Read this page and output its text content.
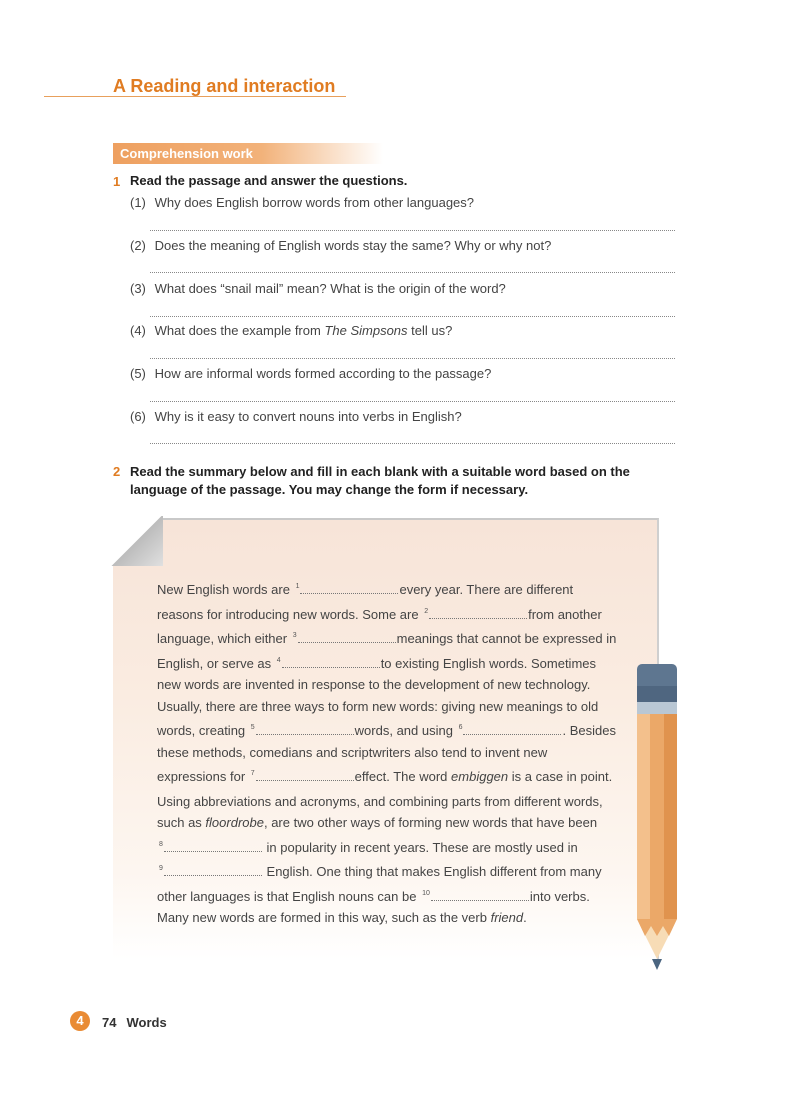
A Reading and interaction
Comprehension work
1 Read the passage and answer the questions.
(1) Why does English borrow words from other languages?
(2) Does the meaning of English words stay the same? Why or why not?
(3) What does “snail mail” mean? What is the origin of the word?
(4) What does the example from The Simpsons tell us?
(5) How are informal words formed according to the passage?
(6) Why is it easy to convert nouns into verbs in English?
2 Read the summary below and fill in each blank with a suitable word based on the
language of the passage. You may change the form if necessary.

New English words are $^1$	every year. There are different reasons for introducing new words. Some are $^2$	from another language, which either $^3$	meanings that cannot be expressed in English, or serve as $^4$	to existing English words. Sometimes new words are invented in response to the development of new technology. Usually, there are three ways to form new words: giving new meanings to old words, creating $^5$	words, and using $^6$	. Besides these methods, comedians and scriptwriters also tend to invent new expressions for $^7$	effect. The word embiggen is a case in point.

Using abbreviations and acronyms, and combining parts from different words, such as floordrobe, are two other ways of forming new words that have been
$^8$	in popularity in recent years. These are mostly used in
$^9$	English. One thing that makes English different from many other languages is that English nouns can be $^{10}$	into verbs. Many new words are formed in this way, such as the verb friend.

4	74 Words
